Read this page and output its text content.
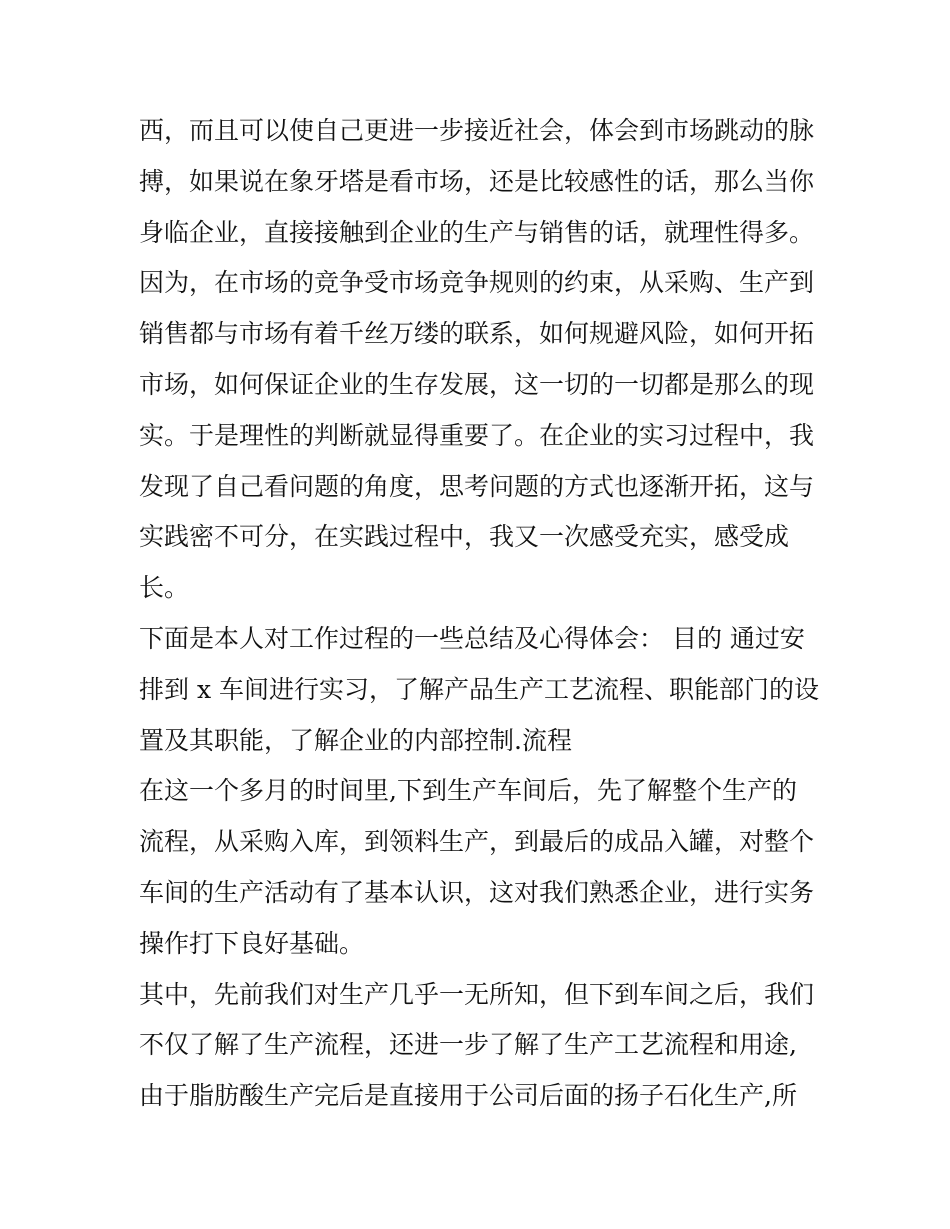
西，而且可以使自己更进一步接近社会，体会到市场跳动的脉
搏，如果说在象牙塔是看市场，还是比较感性的话，那么当你
身临企业，直接接触到企业的生产与销售的话，就理性得多。
因为，在市场的竞争受市场竞争规则的约束，从采购、生产到
销售都与市场有着千丝万缕的联系，如何规避风险，如何开拓
市场，如何保证企业的生存发展，这一切的一切都是那么的现
实。于是理性的判断就显得重要了。在企业的实习过程中，我
发现了自己看问题的角度，思考问题的方式也逐渐开拓，这与
实践密不可分，在实践过程中，我又一次感受充实，感受成
长。
下面是本人对工作过程的一些总结及心得体会： 目的 通过安
排到 x 车间进行实习，了解产品生产工艺流程、职能部门的设
置及其职能，了解企业的内部控制.流程
在这一个多月的时间里,下到生产车间后，先了解整个生产的
流程，从采购入库，到领料生产，到最后的成品入罐，对整个
车间的生产活动有了基本认识，这对我们熟悉企业，进行实务
操作打下良好基础。
其中，先前我们对生产几乎一无所知，但下到车间之后，我们
不仅了解了生产流程，还进一步了解了生产工艺流程和用途,
由于脂肪酸生产完后是直接用于公司后面的扬子石化生产,所
